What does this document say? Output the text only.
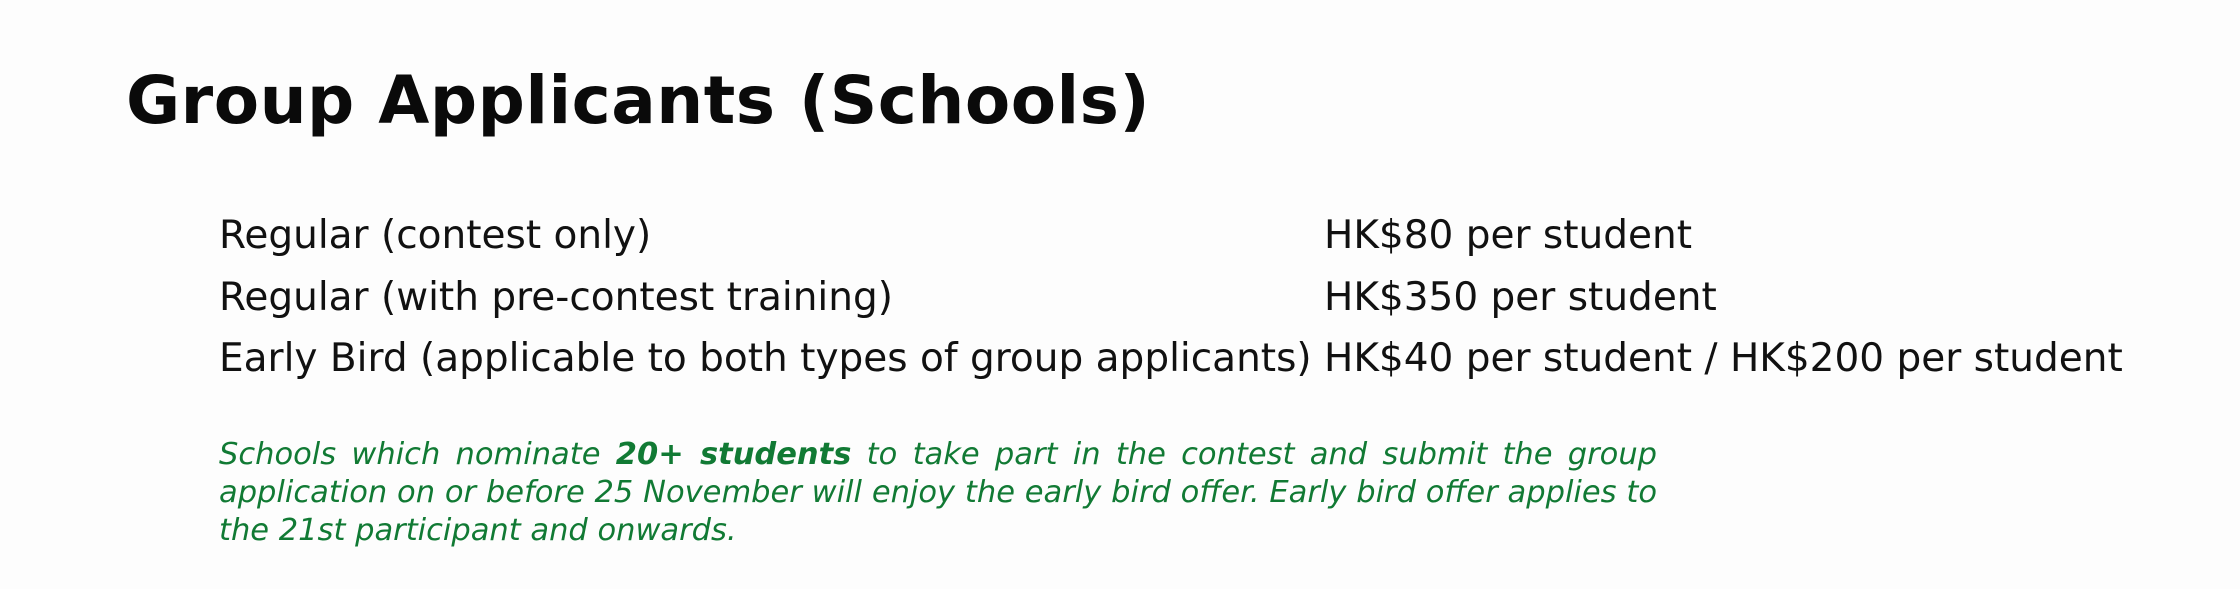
Group Applicants (Schools)
Regular (contest only)	HK$80 per student
Regular (with pre-contest training)	HK$350 per student
Early Bird (applicable to both types of group applicants) HK$40 per student / HK$200 per student

Schools which nominate 20+ students to take part in the contest and submit the group application on or before 25 November will enjoy the early bird offer. Early bird offer applies to the 21st participant and onwards.
